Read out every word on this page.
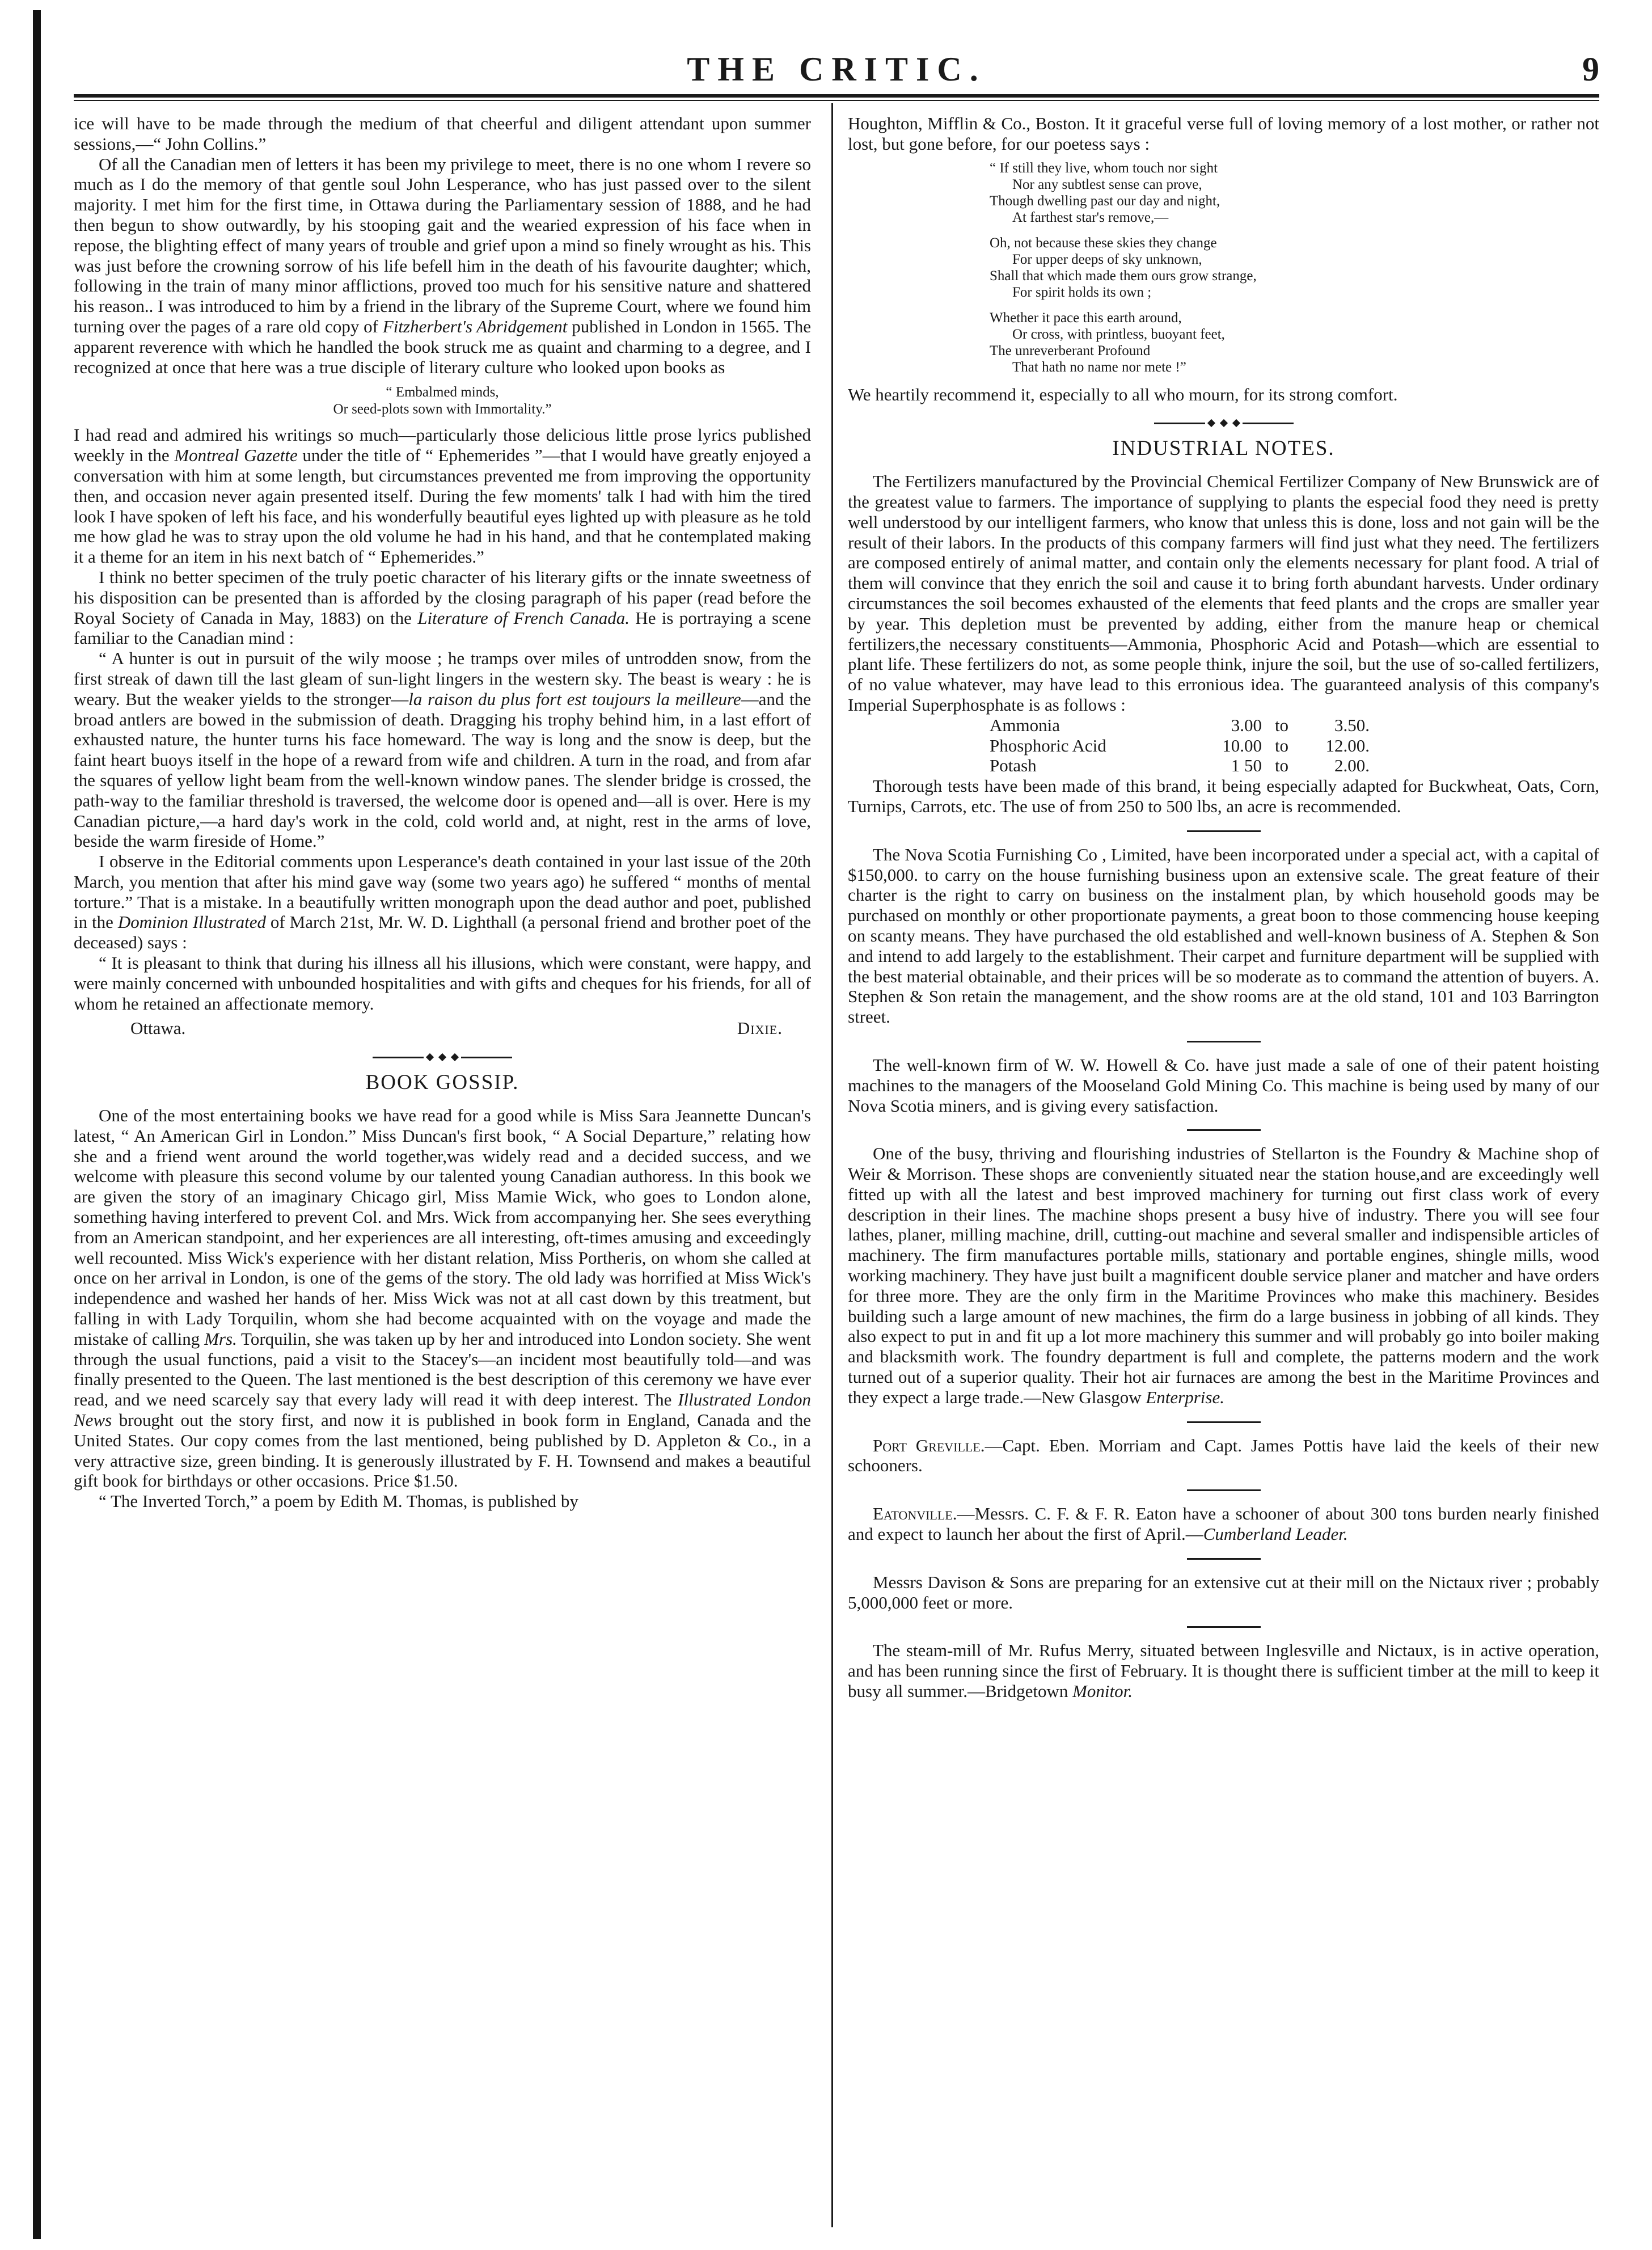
THE CRITIC.	9

ice will have to be made through the medium of that cheerful and diligent attendant upon summer sessions,—“ John Collins.”

Of all the Canadian men of letters it has been my privilege to meet, there is no one whom I revere so much as I do the memory of that gentle soul John Lesperance, who has just passed over to the silent majority. I met him for the first time, in Ottawa during the Parliamentary session of 1888, and he had then begun to show outwardly, by his stooping gait and the wearied expression of his face when in repose, the blighting effect of many years of trouble and grief upon a mind so finely wrought as his. This was just before the crowning sorrow of his life befell him in the death of his favourite daughter; which, following in the train of many minor afflictions, proved too much for his sensitive nature and shattered his reason.. I was introduced to him by a friend in the library of the Supreme Court, where we found him turning over the pages of a rare old copy of Fitzherbert's Abridgement published in London in 1565. The apparent reverence with which he handled the book struck me as quaint and charming to a degree, and I recognized at once that here was a true disciple of literary culture who looked upon books as

“ Embalmed minds,
Or seed-plots sown with Immortality.”

I had read and admired his writings so much—particularly those delicious little prose lyrics published weekly in the Montreal Gazette under the title of “ Ephemerides ”—that I would have greatly enjoyed a conversation with him at some length, but circumstances prevented me from improving the opportunity then, and occasion never again presented itself. During the few moments' talk I had with him the tired look I have spoken of left his face, and his wonderfully beautiful eyes lighted up with pleasure as he told me how glad he was to stray upon the old volume he had in his hand, and that he contemplated making it a theme for an item in his next batch of “ Ephemerides.”

I think no better specimen of the truly poetic character of his literary gifts or the innate sweetness of his disposition can be presented than is afforded by the closing paragraph of his paper (read before the Royal Society of Canada in May, 1883) on the Literature of French Canada. He is portraying a scene familiar to the Canadian mind :

“ A hunter is out in pursuit of the wily moose ; he tramps over miles of untrodden snow, from the first streak of dawn till the last gleam of sun-light lingers in the western sky. The beast is weary : he is weary. But the weaker yields to the stronger—la raison du plus fort est toujours la meilleure—and the broad antlers are bowed in the submission of death. Dragging his trophy behind him, in a last effort of exhausted nature, the hunter turns his face homeward. The way is long and the snow is deep, but the faint heart buoys itself in the hope of a reward from wife and children. A turn in the road, and from afar the squares of yellow light beam from the well-known window panes. The slender bridge is crossed, the path-way to the familiar threshold is traversed, the welcome door is opened and—all is over. Here is my Canadian picture,—a hard day's work in the cold, cold world and, at night, rest in the arms of love, beside the warm fireside of Home.”

I observe in the Editorial comments upon Lesperance's death contained in your last issue of the 20th March, you mention that after his mind gave way (some two years ago) he suffered “ months of mental torture.” That is a mistake. In a beautifully written monograph upon the dead author and poet, published in the Dominion Illustrated of March 21st, Mr. W. D. Lighthall (a personal friend and brother poet of the deceased) says :

“ It is pleasant to think that during his illness all his illusions, which were constant, were happy, and were mainly concerned with unbounded hospitalities and with gifts and cheques for his friends, for all of whom he retained an affectionate memory.

Ottawa.	Dixie.
BOOK GOSSIP.

One of the most entertaining books we have read for a good while is Miss Sara Jeannette Duncan's latest, “ An American Girl in London.” Miss Duncan's first book, “ A Social Departure,” relating how she and a friend went around the world together,was widely read and a decided success, and we welcome with pleasure this second volume by our talented young Canadian authoress. In this book we are given the story of an imaginary Chicago girl, Miss Mamie Wick, who goes to London alone, something having interfered to prevent Col. and Mrs. Wick from accompanying her. She sees everything from an American standpoint, and her experiences are all interesting, oft-times amusing and exceedingly well recounted. Miss Wick's experience with her distant relation, Miss Portheris, on whom she called at once on her arrival in London, is one of the gems of the story. The old lady was horrified at Miss Wick's independence and washed her hands of her. Miss Wick was not at all cast down by this treatment, but falling in with Lady Torquilin, whom she had become acquainted with on the voyage and made the mistake of calling Mrs. Torquilin, she was taken up by her and introduced into London society. She went through the usual functions, paid a visit to the Stacey's—an incident most beautifully told—and was finally presented to the Queen. The last mentioned is the best description of this ceremony we have ever read, and we need scarcely say that every lady will read it with deep interest. The Illustrated London News brought out the story first, and now it is published in book form in England, Canada and the United States. Our copy comes from the last mentioned, being published by D. Appleton & Co., in a very attractive size, green binding. It is generously illustrated by F. H. Townsend and makes a beautiful gift book for birthdays or other occasions. Price $1.50.

“ The Inverted Torch,” a poem by Edith M. Thomas, is published by

Houghton, Mifflin & Co., Boston. It it graceful verse full of loving memory of a lost mother, or rather not lost, but gone before, for our poetess says :

“ If still they live, whom touch nor sight
Nor any subtlest sense can prove,
Though dwelling past our day and night,
At farthest star's remove,—
Oh, not because these skies they change
For upper deeps of sky unknown,
Shall that which made them ours grow strange,
For spirit holds its own ;
Whether it pace this earth around,
Or cross, with printless, buoyant feet,
The unreverberant Profound
That hath no name nor mete !”

We heartily recommend it, especially to all who mourn, for its strong comfort.

INDUSTRIAL NOTES.

The Fertilizers manufactured by the Provincial Chemical Fertilizer Company of New Brunswick are of the greatest value to farmers. The importance of supplying to plants the especial food they need is pretty well understood by our intelligent farmers, who know that unless this is done, loss and not gain will be the result of their labors. In the products of this company farmers will find just what they need. The fertilizers are composed entirely of animal matter, and contain only the elements necessary for plant food. A trial of them will convince that they enrich the soil and cause it to bring forth abundant harvests. Under ordinary circumstances the soil becomes exhausted of the elements that feed plants and the crops are smaller year by year. This depletion must be prevented by adding, either from the manure heap or chemical fertilizers,the necessary constituents—Ammonia, Phosphoric Acid and Potash—which are essential to plant life. These fertilizers do not, as some people think, injure the soil, but the use of so-called fertilizers, of no value whatever, may have lead to this erronious idea. The guaranteed analysis of this company's Imperial Superphosphate is as follows :

Ammonia	3.00	to	3.50.
Phosphoric Acid	10.00	to	12.00.
Potash	1 50	to	2.00.

Thorough tests have been made of this brand, it being especially adapted for Buckwheat, Oats, Corn, Turnips, Carrots, etc. The use of from 250 to 500 lbs, an acre is recommended.

The Nova Scotia Furnishing Co , Limited, have been incorporated under a special act, with a capital of $150,000. to carry on the house furnishing business upon an extensive scale. The great feature of their charter is the right to carry on business on the instalment plan, by which household goods may be purchased on monthly or other proportionate payments, a great boon to those commencing house keeping on scanty means. They have purchased the old established and well-known business of A. Stephen & Son and intend to add largely to the establishment. Their carpet and furniture department will be supplied with the best material obtainable, and their prices will be so moderate as to command the attention of buyers. A. Stephen & Son retain the management, and the show rooms are at the old stand, 101 and 103 Barrington street.

The well-known firm of W. W. Howell & Co. have just made a sale of one of their patent hoisting machines to the managers of the Mooseland Gold Mining Co. This machine is being used by many of our Nova Scotia miners, and is giving every satisfaction.

One of the busy, thriving and flourishing industries of Stellarton is the Foundry & Machine shop of Weir & Morrison. These shops are conveniently situated near the station house,and are exceedingly well fitted up with all the latest and best improved machinery for turning out first class work of every description in their lines. The machine shops present a busy hive of industry. There you will see four lathes, planer, milling machine, drill, cutting-out machine and several smaller and indispensible articles of machinery. The firm manufactures portable mills, stationary and portable engines, shingle mills, wood working machinery. They have just built a magnificent double service planer and matcher and have orders for three more. They are the only firm in the Maritime Provinces who make this machinery. Besides building such a large amount of new machines, the firm do a large business in jobbing of all kinds. They also expect to put in and fit up a lot more machinery this summer and will probably go into boiler making and blacksmith work. The foundry department is full and complete, the patterns modern and the work turned out of a superior quality. Their hot air furnaces are among the best in the Maritime Provinces and they expect a large trade.—New Glasgow Enterprise.

Port Greville.—Capt. Eben. Morriam and Capt. James Pottis have laid the keels of their new schooners.

Eatonville.—Messrs. C. F. & F. R. Eaton have a schooner of about 300 tons burden nearly finished and expect to launch her about the first of April.—Cumberland Leader.

Messrs Davison & Sons are preparing for an extensive cut at their mill on the Nictaux river ; probably 5,000,000 feet or more.

The steam-mill of Mr. Rufus Merry, situated between Inglesville and Nictaux, is in active operation, and has been running since the first of February. It is thought there is sufficient timber at the mill to keep it busy all summer.—Bridgetown Monitor.
